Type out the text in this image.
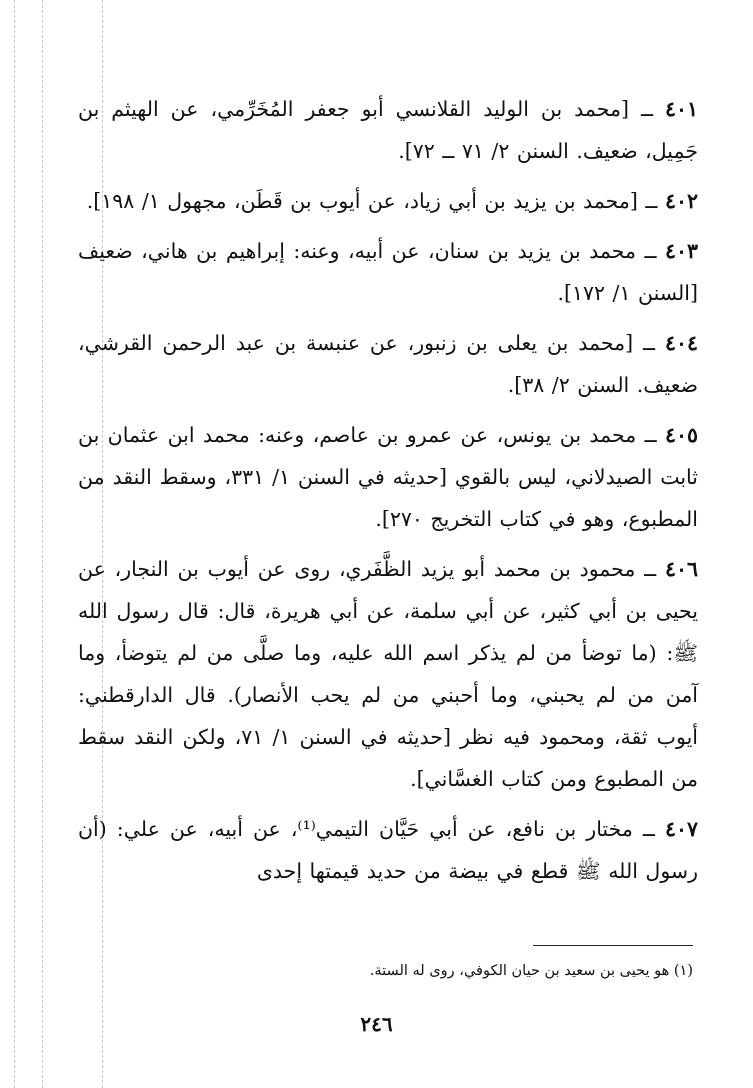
٤٠١ ــ [محمد بن الوليد القلانسي أبو جعفر المُخَرِّمي، عن الهيثم بن جَمِيل، ضعيف. السنن ٢/ ٧١ ــ ٧٢].

٤٠٢ ــ [محمد بن يزيد بن أبي زياد، عن أيوب بن قَطَن، مجهول ١/ ١٩٨].

٤٠٣ ــ محمد بن يزيد بن سنان، عن أبيه، وعنه: إبراهيم بن هاني، ضعيف [السنن ١/ ١٧٢].

٤٠٤ ــ [محمد بن يعلى بن زنبور، عن عنبسة بن عبد الرحمن القرشي، ضعيف. السنن ٢/ ٣٨].

٤٠٥ ــ محمد بن يونس، عن عمرو بن عاصم، وعنه: محمد ابن عثمان بن ثابت الصيدلاني، ليس بالقوي [حديثه في السنن ١/ ٣٣١، وسقط النقد من المطبوع، وهو في كتاب التخريج ٢٧٠].

٤٠٦ ــ محمود بن محمد أبو يزيد الظَّفَري، روى عن أيوب بن النجار، عن يحيى بن أبي كثير، عن أبي سلمة، عن أبي هريرة، قال: قال رسول الله ﷺ: (ما توضأ من لم يذكر اسم الله عليه، وما صلَّى من لم يتوضأ، وما آمن من لم يحبني، وما أحبني من لم يحب الأنصار). قال الدارقطني: أيوب ثقة، ومحمود فيه نظر [حديثه في السنن ١/ ٧١، ولكن النقد سقط من المطبوع ومن كتاب الغسَّاني].

٤٠٧ ــ مختار بن نافع، عن أبي حَيَّان التيمي⁽¹⁾، عن أبيه، عن علي: (أن رسول الله ﷺ قطع في بيضة من حديد قيمتها إحدى

(١) هو يحيى بن سعيد بن حيان الكوفي، روى له الستة.
٢٤٦
